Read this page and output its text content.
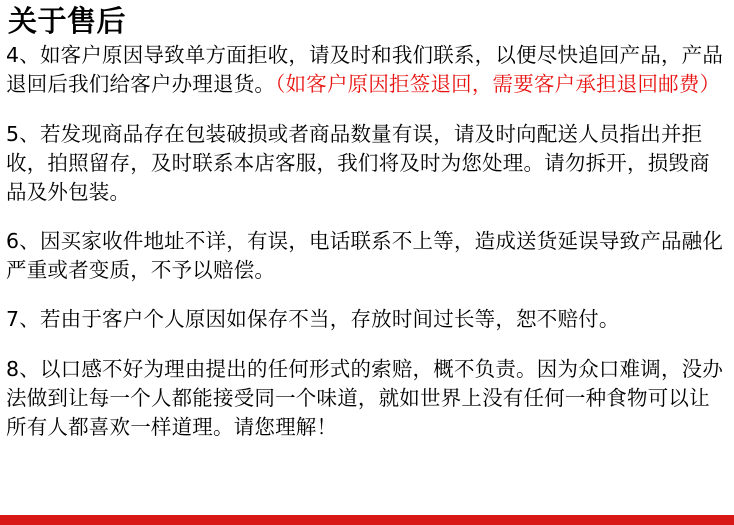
关于售后

4、如客户原因导致单方面拒收，请及时和我们联系，以便尽快追回产品，产品退回后我们给客户办理退货。（如客户原因拒签退回，需要客户承担退回邮费）

5、若发现商品存在包装破损或者商品数量有误，请及时向配送人员指出并拒收，拍照留存，及时联系本店客服，我们将及时为您处理。请勿拆开，损毁商品及外包装。

6、因买家收件地址不详，有误，电话联系不上等，造成送货延误导致产品融化严重或者变质，不予以赔偿。

7、若由于客户个人原因如保存不当，存放时间过长等，恕不赔付。

8、以口感不好为理由提出的任何形式的索赔，概不负责。因为众口难调，没办法做到让每一个人都能接受同一个味道，就如世界上没有任何一种食物可以让所有人都喜欢一样道理。请您理解！
